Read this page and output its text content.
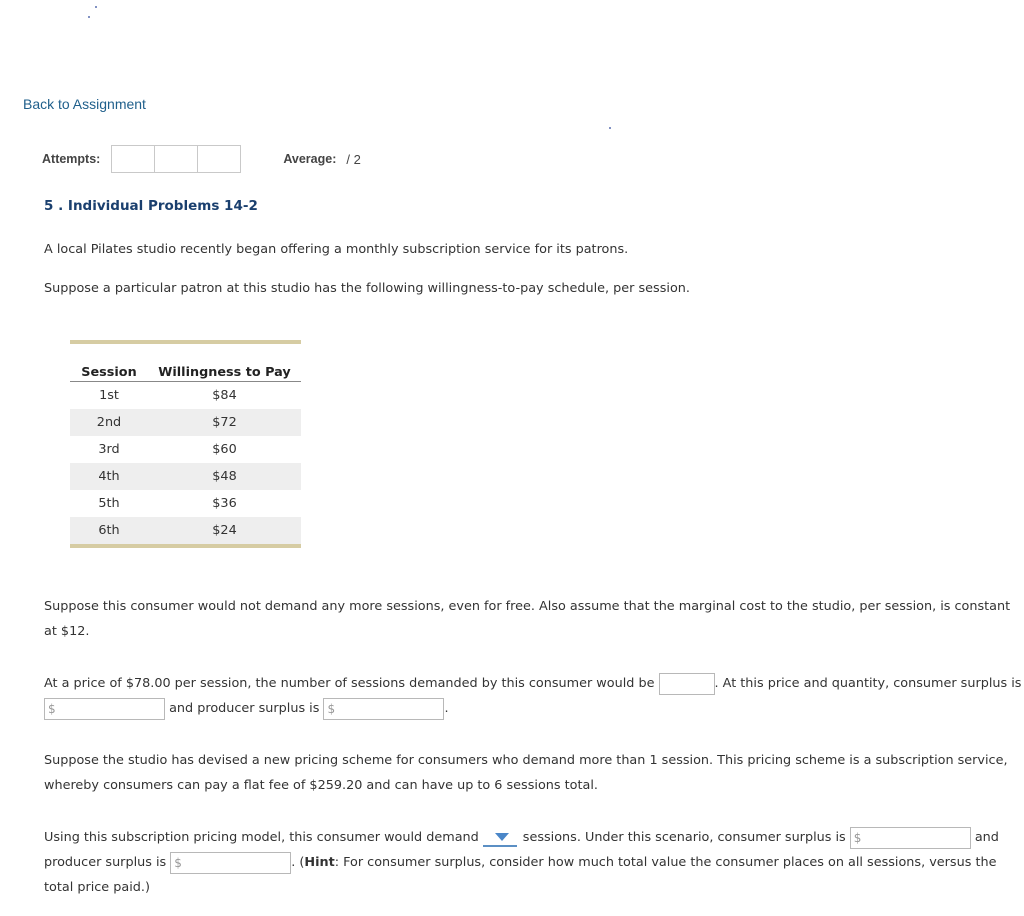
Back to Assignment
Attempts:	Average: / 2
5 . Individual Problems 14-2
A local Pilates studio recently began offering a monthly subscription service for its patrons.
Suppose a particular patron at this studio has the following willingness-to-pay schedule, per session.
Session	Willingness to Pay
1st	$84
2nd	$72
3rd	$60
4th	$48
5th	$36
6th	$24
Suppose this consumer would not demand any more sessions, even for free. Also assume that the marginal cost to the studio, per session, is constant at $12.
At a price of $78.00 per session, the number of sessions demanded by this consumer would be	. At this price and quantity, consumer surplus is $	and producer surplus is $	.
Suppose the studio has devised a new pricing scheme for consumers who demand more than 1 session. This pricing scheme is a subscription service, whereby consumers can pay a flat fee of $259.20 and can have up to 6 sessions total.
Using this subscription pricing model, this consumer would demand	sessions. Under this scenario, consumer surplus is $	and producer surplus is $	. (Hint: For consumer surplus, consider how much total value the consumer places on all sessions, versus the total price paid.)
